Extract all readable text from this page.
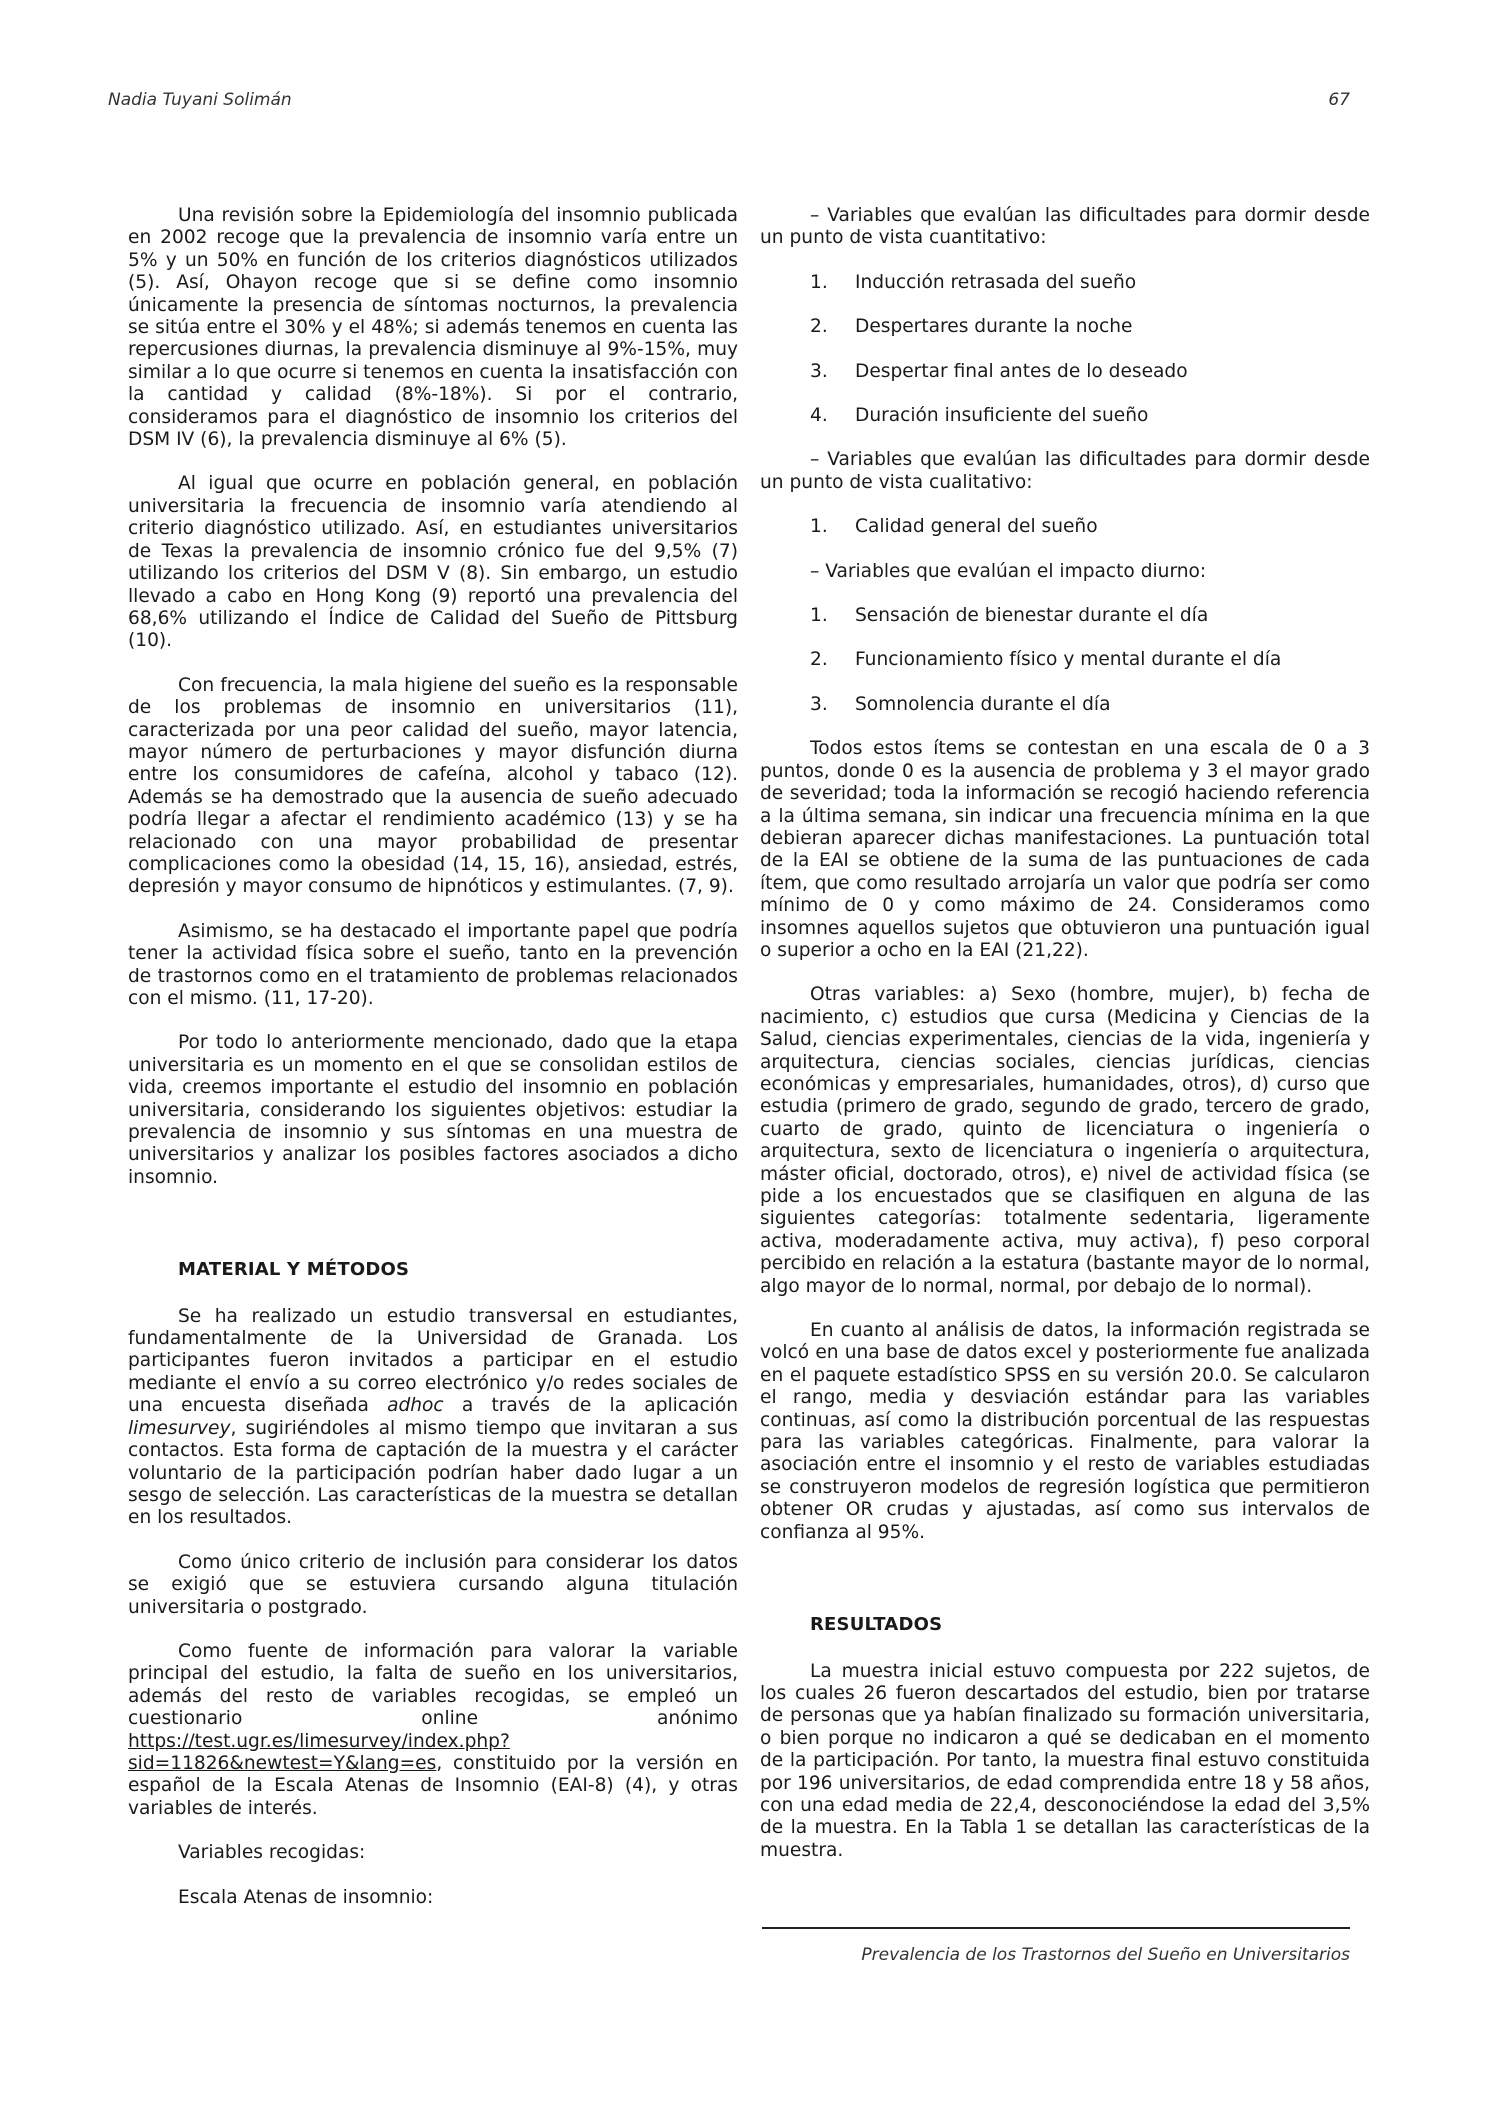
Nadia Tuyani Solimán	67

Una revisión sobre la Epidemiología del insomnio publicada en 2002 recoge que la prevalencia de insomnio varía entre un 5% y un 50% en función de los criterios diagnósticos utilizados (5). Así, Ohayon recoge que si se define como insomnio únicamente la presencia de síntomas nocturnos, la prevalencia se sitúa entre el 30% y el 48%; si además tenemos en cuenta las repercusiones diurnas, la prevalencia disminuye al 9%-15%, muy similar a lo que ocurre si tenemos en cuenta la insatisfacción con la cantidad y calidad (8%-18%). Si por el contrario, consideramos para el diagnóstico de insomnio los criterios del DSM IV (6), la prevalencia disminuye al 6% (5).

Al igual que ocurre en población general, en población universitaria la frecuencia de insomnio varía atendiendo al criterio diagnóstico utilizado. Así, en estudiantes universitarios de Texas la prevalencia de insomnio crónico fue del 9,5% (7) utilizando los criterios del DSM V (8). Sin embargo, un estudio llevado a cabo en Hong Kong (9) reportó una prevalencia del 68,6% utilizando el Índice de Calidad del Sueño de Pittsburg (10).

Con frecuencia, la mala higiene del sueño es la responsable de los problemas de insomnio en universitarios (11), caracterizada por una peor calidad del sueño, mayor latencia, mayor número de perturbaciones y mayor disfunción diurna entre los consumidores de cafeína, alcohol y tabaco (12). Además se ha demostrado que la ausencia de sueño adecuado podría llegar a afectar el rendimiento académico (13) y se ha relacionado con una mayor probabilidad de presentar complicaciones como la obesidad (14, 15, 16), ansiedad, estrés, depresión y mayor consumo de hipnóticos y estimulantes. (7, 9).

Asimismo, se ha destacado el importante papel que podría tener la actividad física sobre el sueño, tanto en la prevención de trastornos como en el tratamiento de problemas relacionados con el mismo. (11, 17-20).

Por todo lo anteriormente mencionado, dado que la etapa universitaria es un momento en el que se consolidan estilos de vida, creemos importante el estudio del insomnio en población universitaria, considerando los siguientes objetivos: estudiar la prevalencia de insomnio y sus síntomas en una muestra de universitarios y analizar los posibles factores asociados a dicho insomnio.

MATERIAL Y MÉTODOS

Se ha realizado un estudio transversal en estudiantes, fundamentalmente de la Universidad de Granada. Los participantes fueron invitados a participar en el estudio mediante el envío a su correo electrónico y/o redes sociales de una encuesta diseñada adhoc a través de la aplicación limesurvey, sugiriéndoles al mismo tiempo que invitaran a sus contactos. Esta forma de captación de la muestra y el carácter voluntario de la participación podrían haber dado lugar a un sesgo de selección. Las características de la muestra se detallan en los resultados.

Como único criterio de inclusión para considerar los datos se exigió que se estuviera cursando alguna titulación universitaria o postgrado.

Como fuente de información para valorar la variable principal del estudio, la falta de sueño en los universitarios, además del resto de variables recogidas, se empleó un cuestionario online anónimo https://test.ugr.es/limesurvey/index.php?sid=11826&newtest=Y&lang=es, constituido por la versión en español de la Escala Atenas de Insomnio (EAI-8) (4), y otras variables de interés.

Variables recogidas:

Escala Atenas de insomnio:

– Variables que evalúan las dificultades para dormir desde un punto de vista cuantitativo:

1. Inducción retrasada del sueño
2. Despertares durante la noche
3. Despertar final antes de lo deseado
4. Duración insuficiente del sueño

– Variables que evalúan las dificultades para dormir desde un punto de vista cualitativo:

1. Calidad general del sueño

– Variables que evalúan el impacto diurno:

1. Sensación de bienestar durante el día
2. Funcionamiento físico y mental durante el día
3. Somnolencia durante el día

Todos estos ítems se contestan en una escala de 0 a 3 puntos, donde 0 es la ausencia de problema y 3 el mayor grado de severidad; toda la información se recogió haciendo referencia a la última semana, sin indicar una frecuencia mínima en la que debieran aparecer dichas manifestaciones. La puntuación total de la EAI se obtiene de la suma de las puntuaciones de cada ítem, que como resultado arrojaría un valor que podría ser como mínimo de 0 y como máximo de 24. Consideramos como insomnes aquellos sujetos que obtuvieron una puntuación igual o superior a ocho en la EAI (21,22).

Otras variables: a) Sexo (hombre, mujer), b) fecha de nacimiento, c) estudios que cursa (Medicina y Ciencias de la Salud, ciencias experimentales, ciencias de la vida, ingeniería y arquitectura, ciencias sociales, ciencias jurídicas, ciencias económicas y empresariales, humanidades, otros), d) curso que estudia (primero de grado, segundo de grado, tercero de grado, cuarto de grado, quinto de licenciatura o ingeniería o arquitectura, sexto de licenciatura o ingeniería o arquitectura, máster oficial, doctorado, otros), e) nivel de actividad física (se pide a los encuestados que se clasifiquen en alguna de las siguientes categorías: totalmente sedentaria, ligeramente activa, moderadamente activa, muy activa), f) peso corporal percibido en relación a la estatura (bastante mayor de lo normal, algo mayor de lo normal, normal, por debajo de lo normal).

En cuanto al análisis de datos, la información registrada se volcó en una base de datos excel y posteriormente fue analizada en el paquete estadístico SPSS en su versión 20.0. Se calcularon el rango, media y desviación estándar para las variables continuas, así como la distribución porcentual de las respuestas para las variables categóricas. Finalmente, para valorar la asociación entre el insomnio y el resto de variables estudiadas se construyeron modelos de regresión logística que permitieron obtener OR crudas y ajustadas, así como sus intervalos de confianza al 95%.

RESULTADOS

La muestra inicial estuvo compuesta por 222 sujetos, de los cuales 26 fueron descartados del estudio, bien por tratarse de personas que ya habían finalizado su formación universitaria, o bien porque no indicaron a qué se dedicaban en el momento de la participación. Por tanto, la muestra final estuvo constituida por 196 universitarios, de edad comprendida entre 18 y 58 años, con una edad media de 22,4, desconociéndose la edad del 3,5% de la muestra. En la Tabla 1 se detallan las características de la muestra.

Prevalencia de los Trastornos del Sueño en Universitarios
